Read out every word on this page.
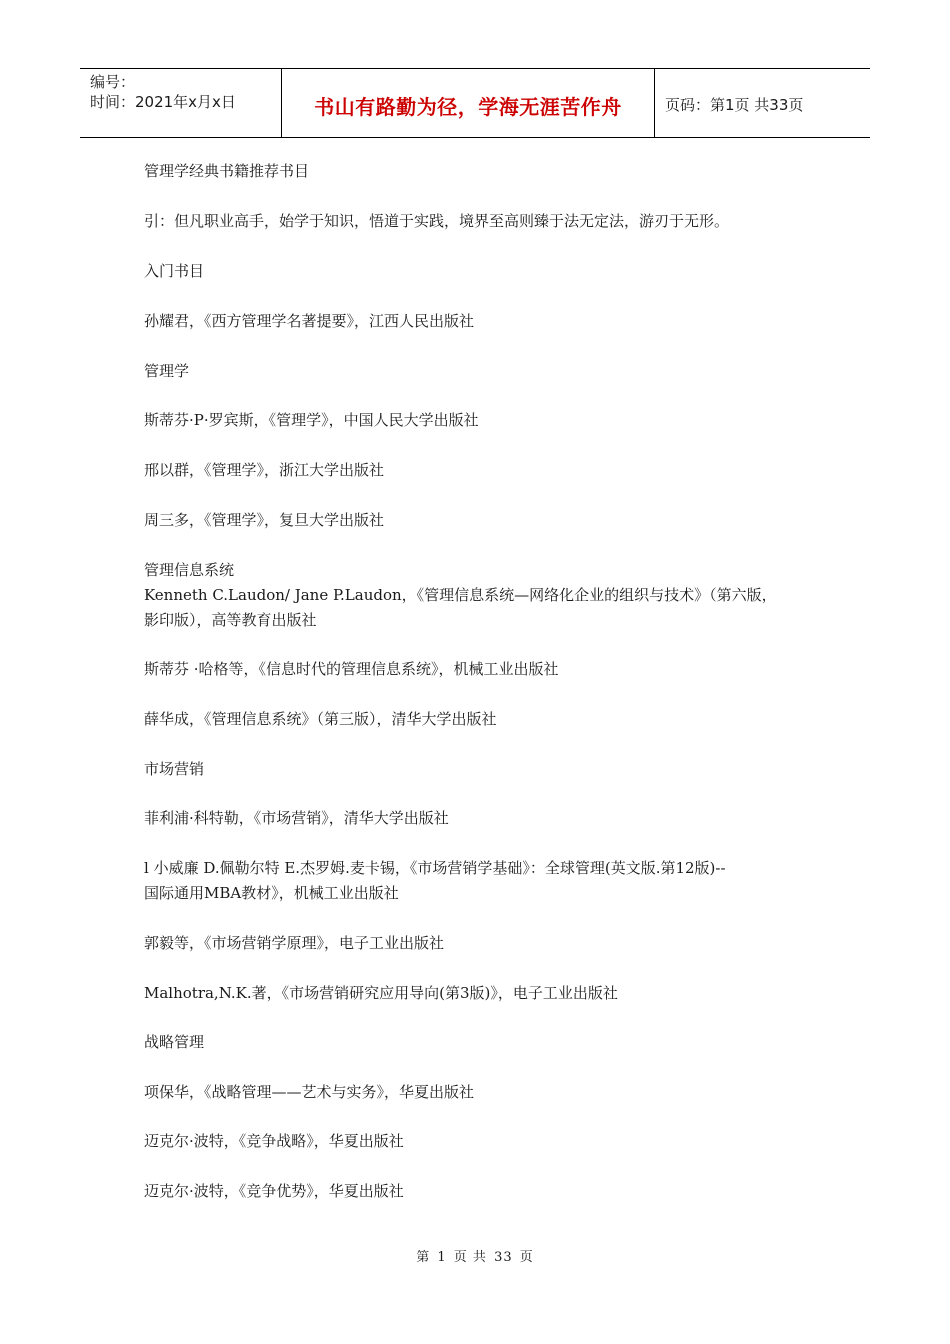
编号：
时间：2021年x月x日	书山有路勤为径，学海无涯苦作舟	页码：第1页 共33页
管理学经典书籍推荐书目
引：但凡职业高手，始学于知识，悟道于实践，境界至高则臻于法无定法，游刃于无形。
入门书目
孙耀君，《西方管理学名著提要》，江西人民出版社
管理学
斯蒂芬·P·罗宾斯，《管理学》，中国人民大学出版社
邢以群，《管理学》，浙江大学出版社
周三多，《管理学》，复旦大学出版社
管理信息系统
Kenneth C.Laudon/ Jane P.Laudon，《管理信息系统—网络化企业的组织与技术》（第六版，
影印版），高等教育出版社
斯蒂芬 ·哈格等，《信息时代的管理信息系统》，机械工业出版社
薛华成，《管理信息系统》（第三版），清华大学出版社
市场营销
菲利浦·科特勒，《市场营销》，清华大学出版社
l 小威廉 D.佩勒尔特 E.杰罗姆.麦卡锡，《市场营销学基础》：全球管理(英文版.第12版)--
国际通用MBA教材》，机械工业出版社
郭毅等，《市场营销学原理》，电子工业出版社
Malhotra,N.K.著，《市场营销研究应用导向(第3版)》，电子工业出版社
战略管理
项保华，《战略管理——艺术与实务》，华夏出版社
迈克尔·波特，《竞争战略》，华夏出版社
迈克尔·波特，《竞争优势》，华夏出版社
第 1 页 共 33 页
